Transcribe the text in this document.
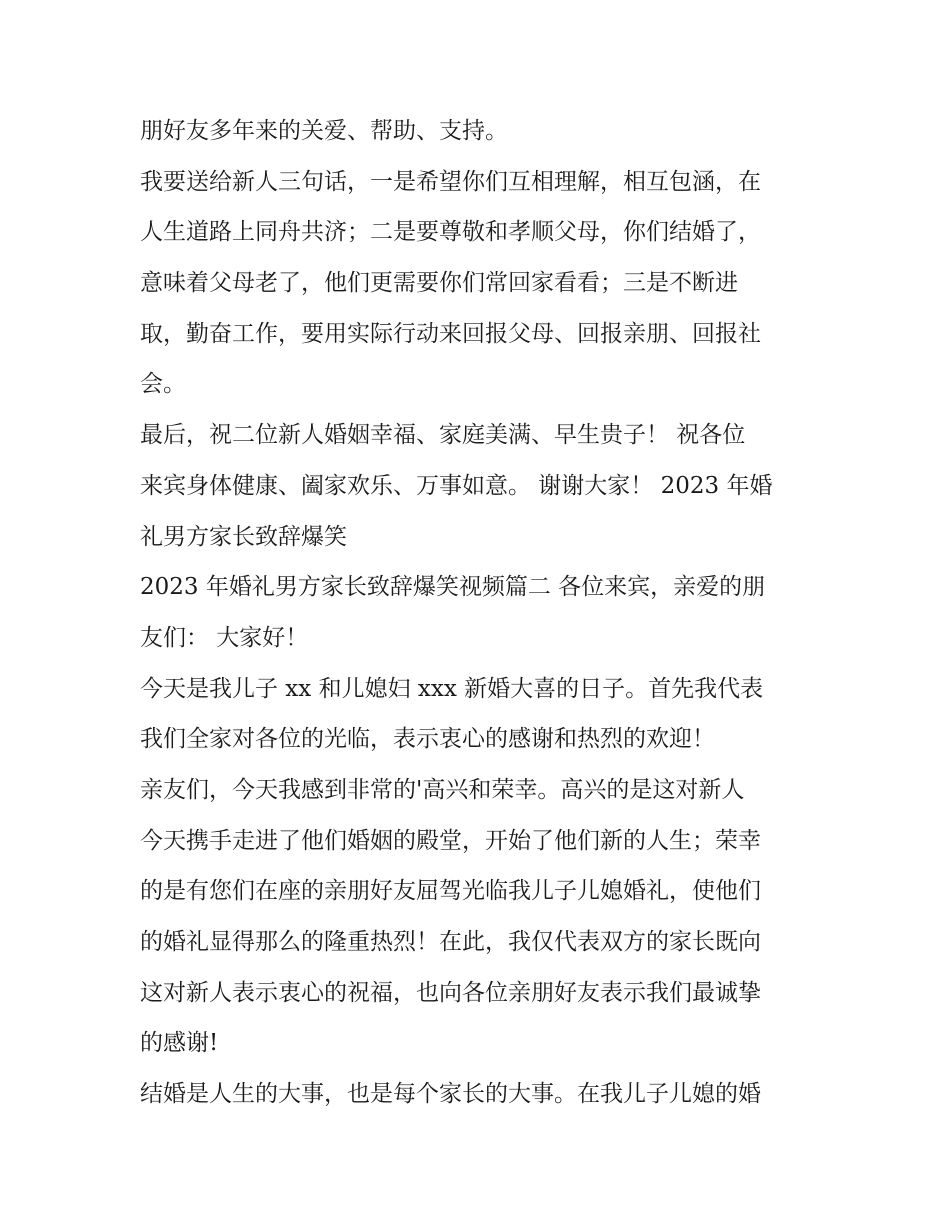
朋好友多年来的关爱、帮助、支持。
我要送给新人三句话，一是希望你们互相理解，相互包涵，在
人生道路上同舟共济；二是要尊敬和孝顺父母，你们结婚了，
意味着父母老了，他们更需要你们常回家看看；三是不断进
取，勤奋工作，要用实际行动来回报父母、回报亲朋、回报社
会。
最后，祝二位新人婚姻幸福、家庭美满、早生贵子！ 祝各位
来宾身体健康、阖家欢乐、万事如意。 谢谢大家！ 2023 年婚
礼男方家长致辞爆笑
2023 年婚礼男方家长致辞爆笑视频篇二 各位来宾，亲爱的朋
友们： 大家好！
今天是我儿子 xx 和儿媳妇 xxx 新婚大喜的日子。首先我代表
我们全家对各位的光临，表示衷心的感谢和热烈的欢迎！
亲友们，今天我感到非常的'高兴和荣幸。高兴的是这对新人
今天携手走进了他们婚姻的殿堂，开始了他们新的人生；荣幸
的是有您们在座的亲朋好友屈驾光临我儿子儿媳婚礼，使他们
的婚礼显得那么的隆重热烈！在此，我仅代表双方的家长既向
这对新人表示衷心的祝福，也向各位亲朋好友表示我们最诚挚
的感谢!
结婚是人生的大事，也是每个家长的大事。在我儿子儿媳的婚
